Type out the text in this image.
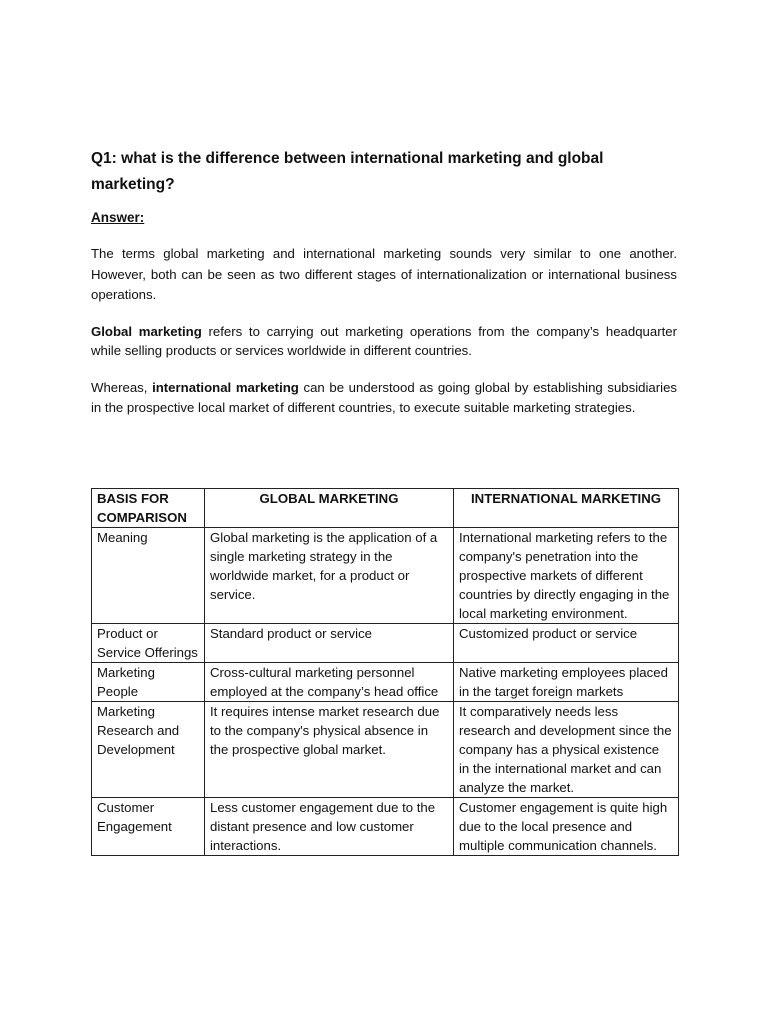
Q1: what is the difference between international marketing and global marketing?

Answer:

The terms global marketing and international marketing sounds very similar to one another. However, both can be seen as two different stages of internationalization or international business operations.

Global marketing refers to carrying out marketing operations from the company’s headquarter while selling products or services worldwide in different countries.

Whereas, international marketing can be understood as going global by establishing subsidiaries in the prospective local market of different countries, to execute suitable marketing strategies.

BASIS FOR COMPARISON	GLOBAL MARKETING	INTERNATIONAL MARKETING
Meaning	Global marketing is the application of a single marketing strategy in the worldwide market, for a product or service.	International marketing refers to the company's penetration into the prospective markets of different countries by directly engaging in the local marketing environment.
Product or Service Offerings	Standard product or service	Customized product or service
Marketing People	Cross-cultural marketing personnel employed at the company’s head office	Native marketing employees placed in the target foreign markets
Marketing Research and Development	It requires intense market research due to the company's physical absence in the prospective global market.	It comparatively needs less research and development since the company has a physical existence in the international market and can analyze the market.
Customer Engagement	Less customer engagement due to the distant presence and low customer interactions.	Customer engagement is quite high due to the local presence and multiple communication channels.
